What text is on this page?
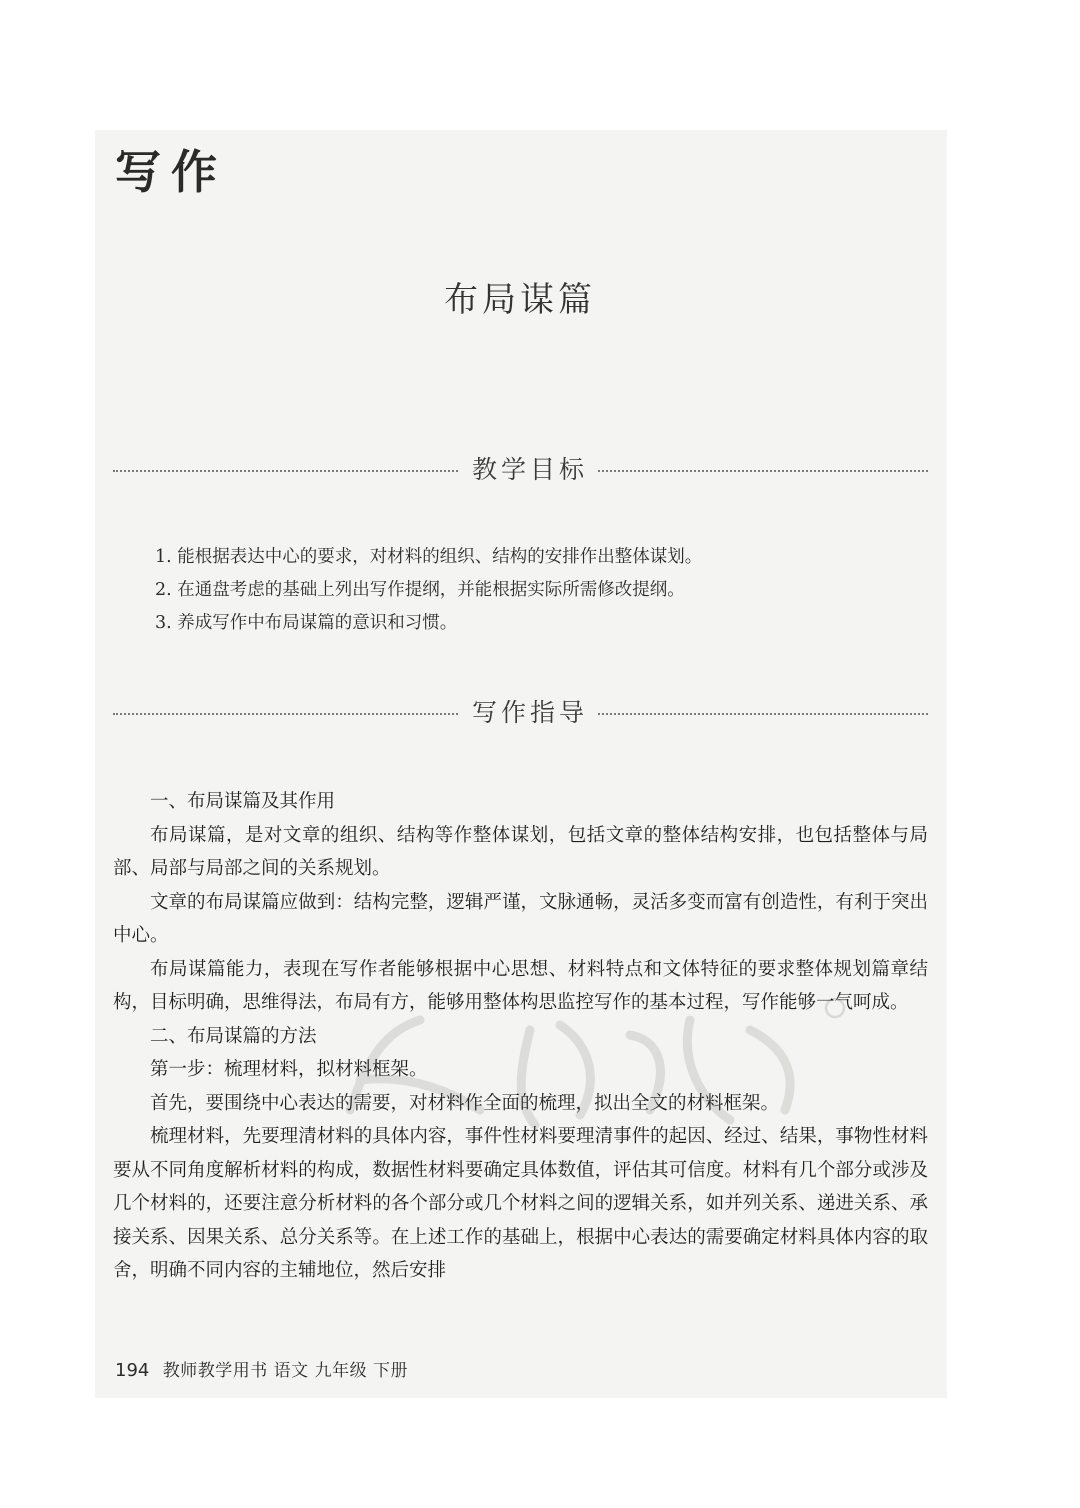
写作
布局谋篇
教学目标
1. 能根据表达中心的要求，对材料的组织、结构的安排作出整体谋划。
2. 在通盘考虑的基础上列出写作提纲，并能根据实际所需修改提纲。
3. 养成写作中布局谋篇的意识和习惯。
写作指导

一、布局谋篇及其作用

布局谋篇，是对文章的组织、结构等作整体谋划，包括文章的整体结构安排，也包括整体与局部、局部与局部之间的关系规划。

文章的布局谋篇应做到：结构完整，逻辑严谨，文脉通畅，灵活多变而富有创造性，有利于突出中心。

布局谋篇能力，表现在写作者能够根据中心思想、材料特点和文体特征的要求整体规划篇章结构，目标明确，思维得法，布局有方，能够用整体构思监控写作的基本过程，写作能够一气呵成。

二、布局谋篇的方法

第一步：梳理材料，拟材料框架。

首先，要围绕中心表达的需要，对材料作全面的梳理，拟出全文的材料框架。

梳理材料，先要理清材料的具体内容，事件性材料要理清事件的起因、经过、结果，事物性材料要从不同角度解析材料的构成，数据性材料要确定具体数值，评估其可信度。材料有几个部分或涉及几个材料的，还要注意分析材料的各个部分或几个材料之间的逻辑关系，如并列关系、递进关系、承接关系、因果关系、总分关系等。在上述工作的基础上，根据中心表达的需要确定材料具体内容的取舍，明确不同内容的主辅地位，然后安排

194 教师教学用书 语文 九年级 下册
